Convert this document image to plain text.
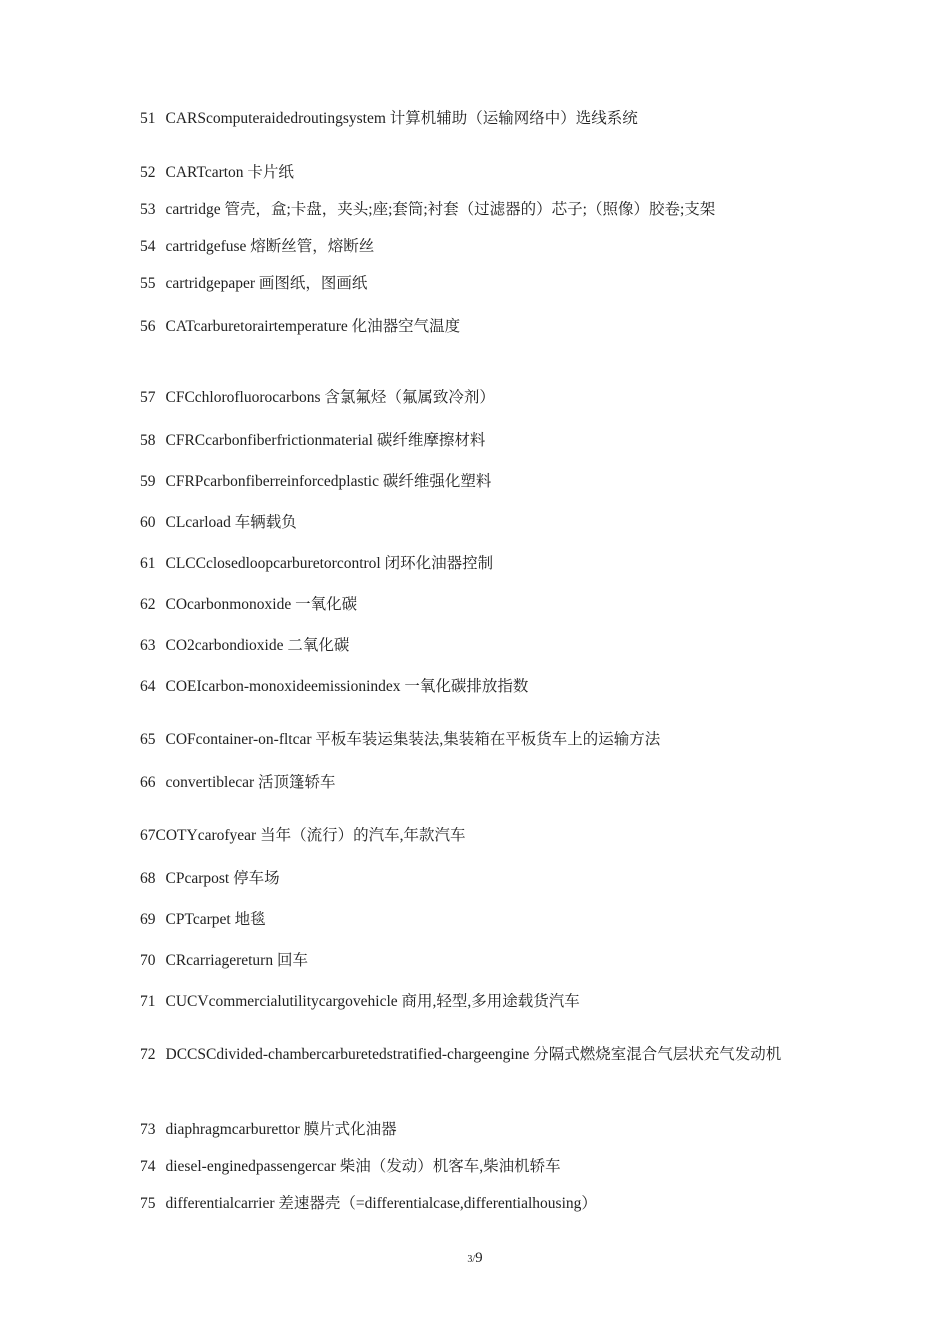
51 CARScomputeraidedroutingsystem 计算机辅助（运输网络中）选线系统
52 CARTcarton 卡片纸
53 cartridge 管壳，盒;卡盘，夹头;座;套筒;衬套（过滤器的）芯子;（照像）胶卷;支架
54 cartridgefuse 熔断丝管，熔断丝
55 cartridgepaper 画图纸，图画纸
56 CATcarburetorairtemperature 化油器空气温度
57 CFCchlorofluorocarbons 含氯氟烃（氟属致冷剂）
58 CFRCcarbonfiberfrictionmaterial 碳纤维摩擦材料
59 CFRPcarbonfiberreinforcedplastic 碳纤维强化塑料
60 CLcarload 车辆载负
61 CLCCclosedloopcarburetorcontrol 闭环化油器控制
62 COcarbonmonoxide 一氧化碳
63 CO2carbondioxide 二氧化碳
64 COEIcarbon-monoxideemissionindex 一氧化碳排放指数
65 COFcontainer-on-fltcar 平板车装运集装法,集装箱在平板货车上的运输方法
66 convertiblecar 活顶篷轿车
67COTYcarofyear 当年（流行）的汽车,年款汽车
68 CPcarpost 停车场
69 CPTcarpet 地毯
70 CRcarriagereturn 回车
71 CUCVcommercialutilitycargovehicle 商用,轻型,多用途载货汽车
72 DCCSCdivided-chambercarburetedstratified-chargeengine 分隔式燃烧室混合气层状充气发动机
73 diaphragmcarburettor 膜片式化油器
74 diesel-enginedpassengercar 柴油（发动）机客车,柴油机轿车
75 differentialcarrier 差速器壳（=differentialcase,differentialhousing）
3/9
